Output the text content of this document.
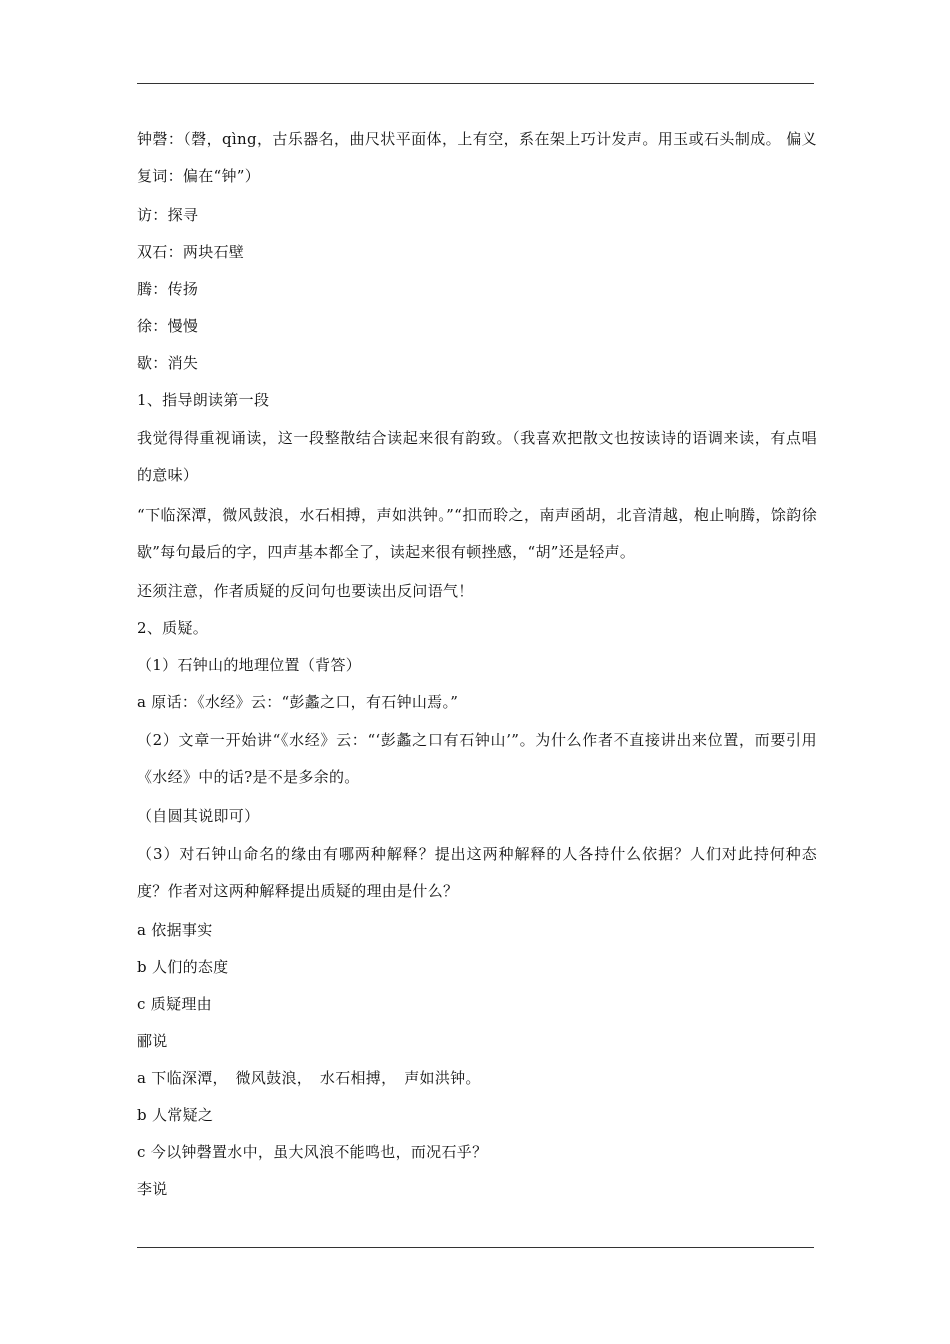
钟磬：（磬，qìng，古乐器名，曲尺状平面体，上有空，系在架上巧计发声。用玉或石头制成。 偏义复词：偏在“钟”）

访：探寻

双石：两块石壁

腾：传扬

徐：慢慢

歇：消失

1、指导朗读第一段

我觉得得重视诵读，这一段整散结合读起来很有韵致。（我喜欢把散文也按读诗的语调来读，有点唱的意味）

“下临深潭，微风鼓浪，水石相搏，声如洪钟。”“扣而聆之，南声函胡，北音清越，枹止响腾，馀韵徐歇”每句最后的字，四声基本都全了，读起来很有顿挫感，“胡”还是轻声。

还须注意，作者质疑的反问句也要读出反问语气！

2、质疑。

（1）石钟山的地理位置（背答）

a 原话：《水经》云：“彭蠡之口，有石钟山焉。”

（2）文章一开始讲“《水经》云：“‘彭蠡之口有石钟山’”。为什么作者不直接讲出来位置，而要引用《水经》中的话?是不是多余的。

（自圆其说即可）

（3）对石钟山命名的缘由有哪两种解释？提出这两种解释的人各持什么依据？人们对此持何种态度？作者对这两种解释提出质疑的理由是什么？

a 依据事实

b 人们的态度

c 质疑理由

郦说

a 下临深潭，　微风鼓浪，　水石相搏，　声如洪钟。

b 人常疑之

c 今以钟磬置水中，虽大风浪不能鸣也，而况石乎？

李说
